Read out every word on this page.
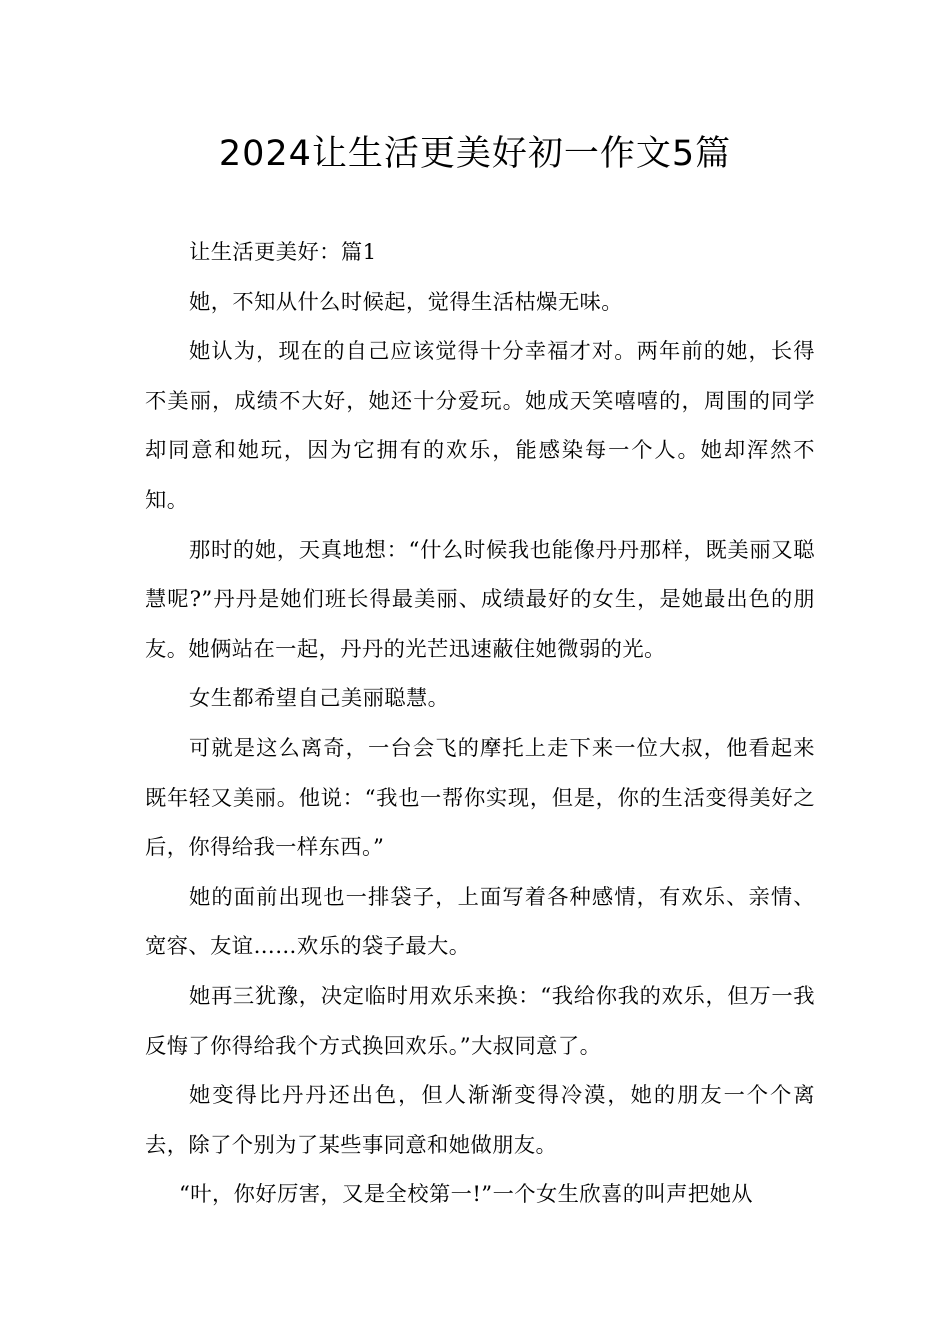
2024让生活更美好初一作文5篇

让生活更美好：篇1

她，不知从什么时候起，觉得生活枯燥无味。

她认为，现在的自己应该觉得十分幸福才对。两年前的她，长得不美丽，成绩不大好，她还十分爱玩。她成天笑嘻嘻的，周围的同学却同意和她玩，因为它拥有的欢乐，能感染每一个人。她却浑然不知。

那时的她，天真地想：“什么时候我也能像丹丹那样，既美丽又聪慧呢?”丹丹是她们班长得最美丽、成绩最好的女生，是她最出色的朋友。她俩站在一起，丹丹的光芒迅速蔽住她微弱的光。

女生都希望自己美丽聪慧。

可就是这么离奇，一台会飞的摩托上走下来一位大叔，他看起来既年轻又美丽。他说：“我也一帮你实现，但是，你的生活变得美好之后，你得给我一样东西。”

她的面前出现也一排袋子，上面写着各种感情，有欢乐、亲情、宽容、友谊……欢乐的袋子最大。

她再三犹豫，决定临时用欢乐来换：“我给你我的欢乐，但万一我反悔了你得给我个方式换回欢乐。”大叔同意了。

她变得比丹丹还出色，但人渐渐变得冷漠，她的朋友一个个离去，除了个别为了某些事同意和她做朋友。

“叶，你好厉害，又是全校第一!”一个女生欣喜的叫声把她从
